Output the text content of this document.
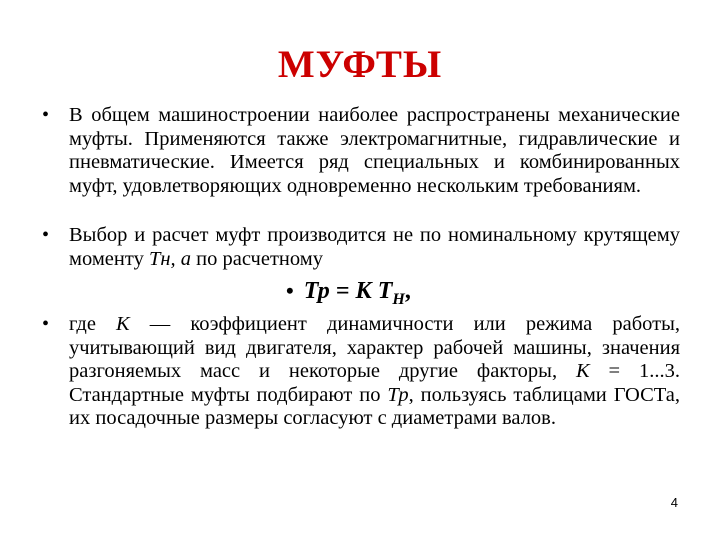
МУФТЫ
• В общем машиностроении наиболее распространены механические муфты. Применяются также электромагнитные, гидравлические и пневматические. Имеется ряд специальных и комбинированных муфт, удовлетворяющих одновременно нескольким требованиям.
• Выбор и расчет муфт производится не по номинальному крутящему моменту Тн, а по расчетному
• Тр = К $Т_Н$,
• где К — коэффициент динамичности или режима работы, учитывающий вид двигателя, характер рабочей машины, значения разгоняемых масс и некоторые другие факторы, К = 1...3. Стандартные муфты подбирают по Тр, пользуясь таблицами ГОСТа, их посадочные размеры согласуют с диаметрами валов.
4
